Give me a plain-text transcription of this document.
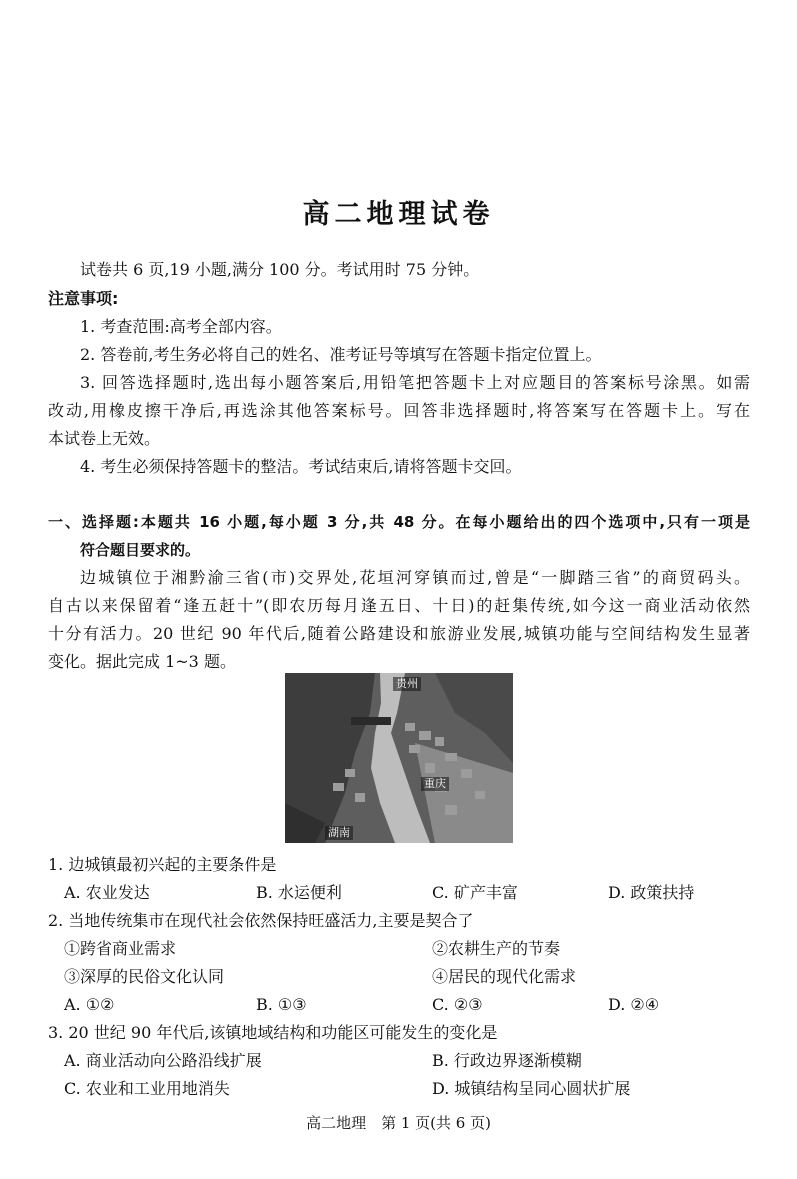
高二地理试卷
试卷共 6 页,19 小题,满分 100 分。考试用时 75 分钟。
注意事项:
1. 考查范围:高考全部内容。
2. 答卷前,考生务必将自己的姓名、准考证号等填写在答题卡指定位置上。
3. 回答选择题时,选出每小题答案后,用铅笔把答题卡上对应题目的答案标号涂黑。如需
改动,用橡皮擦干净后,再选涂其他答案标号。回答非选择题时,将答案写在答题卡上。写在
本试卷上无效。
4. 考生必须保持答题卡的整洁。考试结束后,请将答题卡交回。
一、选择题:本题共 16 小题,每小题 3 分,共 48 分。在每小题给出的四个选项中,只有一项是
符合题目要求的。
边城镇位于湘黔渝三省(市)交界处,花垣河穿镇而过,曾是“一脚踏三省”的商贸码头。
自古以来保留着“逢五赶十”(即农历每月逢五日、十日)的赶集传统,如今这一商业活动依然
十分有活力。20 世纪 90 年代后,随着公路建设和旅游业发展,城镇功能与空间结构发生显著
变化。据此完成 1~3 题。
贵州
重庆
湖南
1. 边城镇最初兴起的主要条件是
A. 农业发达	B. 水运便利	C. 矿产丰富	D. 政策扶持
2. 当地传统集市在现代社会依然保持旺盛活力,主要是契合了
①跨省商业需求	②农耕生产的节奏
③深厚的民俗文化认同	④居民的现代化需求
A. ①②	B. ①③	C. ②③	D. ②④
3. 20 世纪 90 年代后,该镇地域结构和功能区可能发生的变化是
A. 商业活动向公路沿线扩展	B. 行政边界逐渐模糊
C. 农业和工业用地消失	D. 城镇结构呈同心圆状扩展
高二地理　第 1 页(共 6 页)
